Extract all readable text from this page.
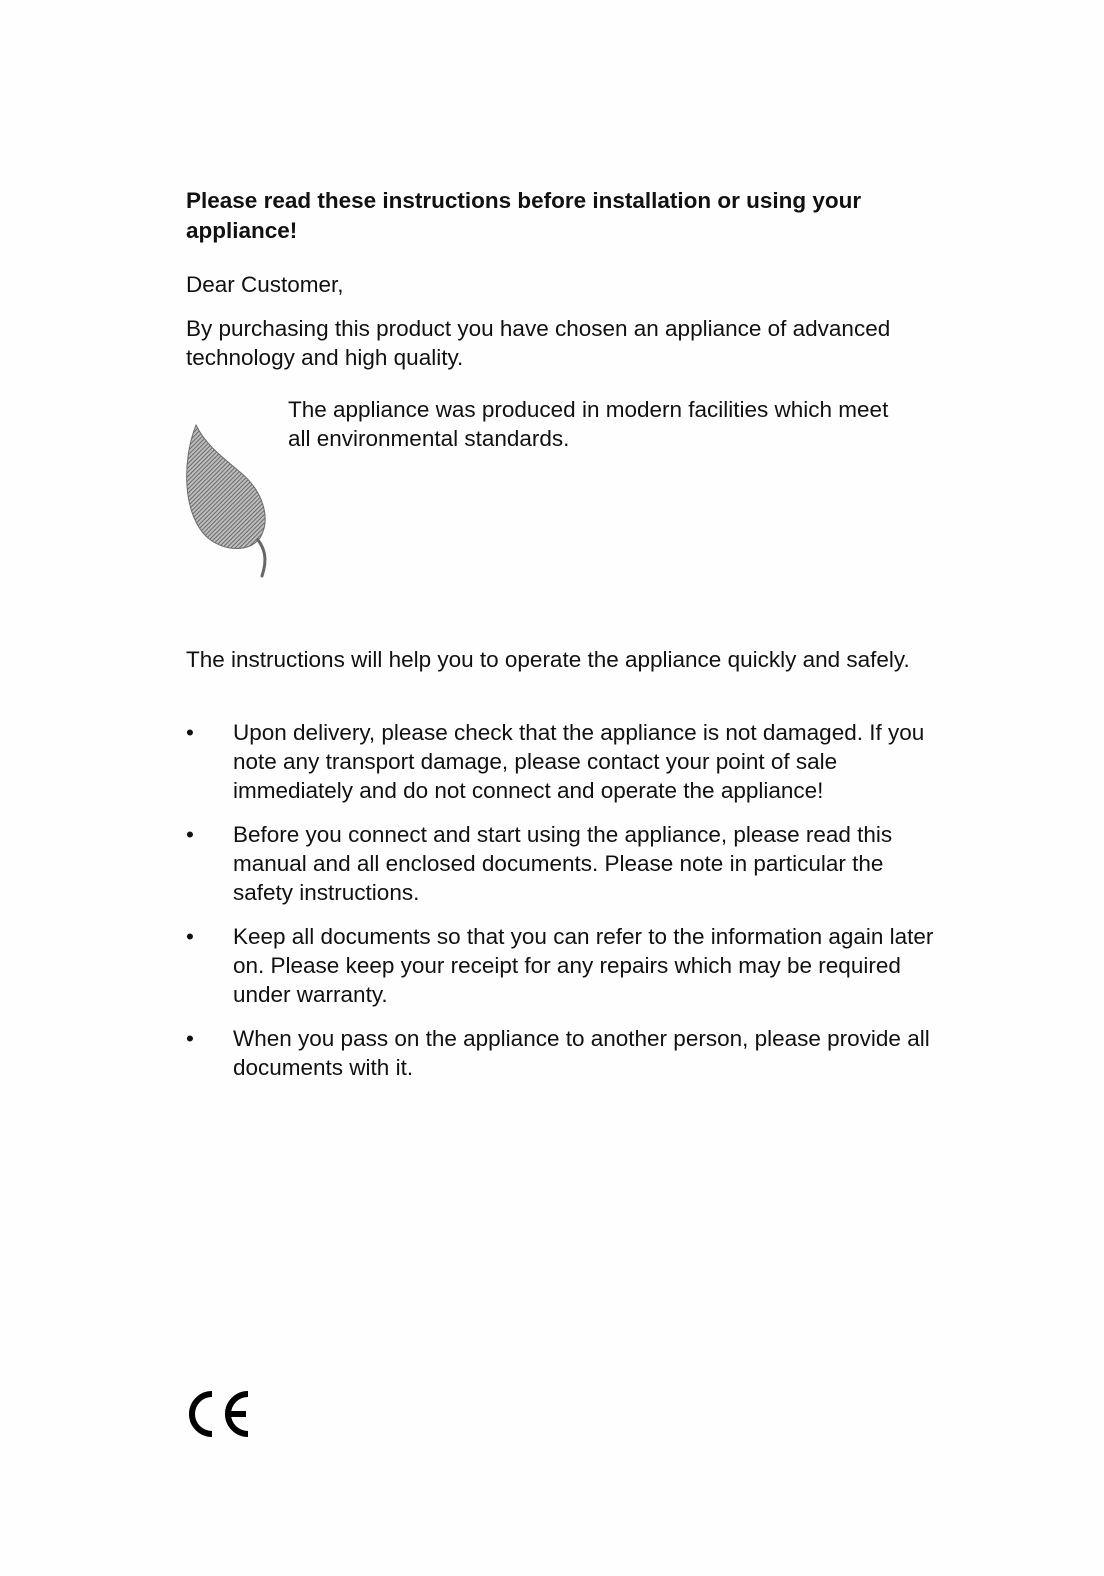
Please read these instructions before installation or using your appliance!

Dear Customer,

By purchasing this product you have chosen an appliance of advanced technology and high quality.

The appliance was produced in modern facilities which meet all environmental standards.

The instructions will help you to operate the appliance quickly and safely.

•	Upon delivery, please check that the appliance is not damaged. If you note any transport damage, please contact your point of sale immediately and do not connect and operate the appliance!
•	Before you connect and start using the appliance, please read this manual and all enclosed documents. Please note in particular the safety instructions.
•	Keep all documents so that you can refer to the information again later on. Please keep your receipt for any repairs which may be required under warranty.
•	When you pass on the appliance to another person, please provide all documents with it.
